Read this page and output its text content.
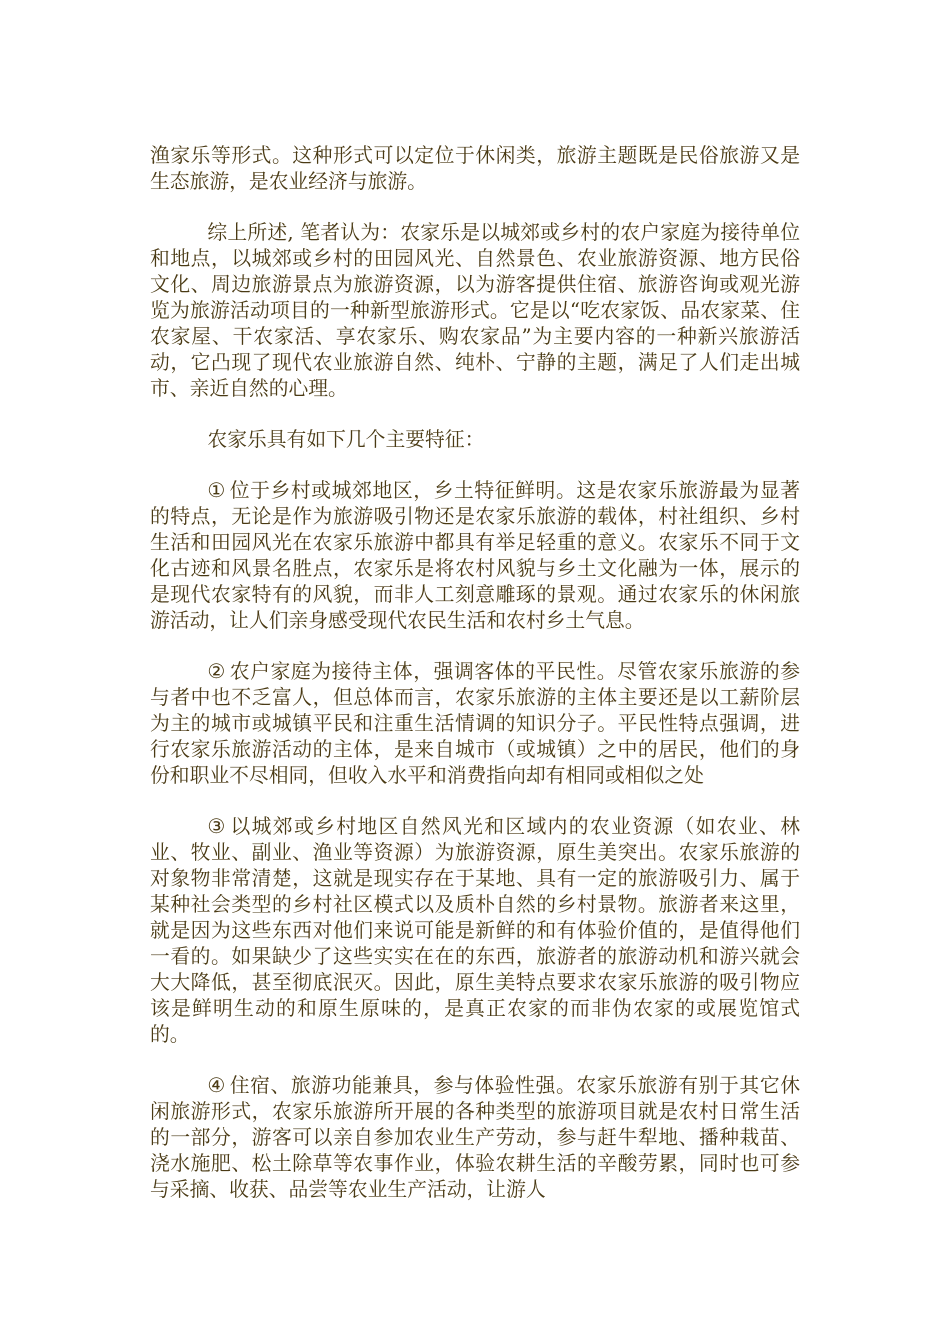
渔家乐等形式。这种形式可以定位于休闲类，旅游主题既是民俗旅游又是生态旅游，是农业经济与旅游。

综上所述, 笔者认为：农家乐是以城郊或乡村的农户家庭为接待单位和地点，以城郊或乡村的田园风光、自然景色、农业旅游资源、地方民俗文化、周边旅游景点为旅游资源，以为游客提供住宿、旅游咨询或观光游览为旅游活动项目的一种新型旅游形式。它是以“吃农家饭、品农家菜、住农家屋、干农家活、享农家乐、购农家品”为主要内容的一种新兴旅游活动，它凸现了现代农业旅游自然、纯朴、宁静的主题，满足了人们走出城市、亲近自然的心理。

农家乐具有如下几个主要特征：

① 位于乡村或城郊地区，乡土特征鲜明。这是农家乐旅游最为显著的特点，无论是作为旅游吸引物还是农家乐旅游的载体，村社组织、乡村生活和田园风光在农家乐旅游中都具有举足轻重的意义。农家乐不同于文化古迹和风景名胜点，农家乐是将农村风貌与乡土文化融为一体，展示的是现代农家特有的风貌，而非人工刻意雕琢的景观。通过农家乐的休闲旅游活动，让人们亲身感受现代农民生活和农村乡土气息。

② 农户家庭为接待主体，强调客体的平民性。尽管农家乐旅游的参与者中也不乏富人，但总体而言，农家乐旅游的主体主要还是以工薪阶层为主的城市或城镇平民和注重生活情调的知识分子。平民性特点强调，进行农家乐旅游活动的主体，是来自城市（或城镇）之中的居民，他们的身份和职业不尽相同，但收入水平和消费指向却有相同或相似之处

③ 以城郊或乡村地区自然风光和区域内的农业资源（如农业、林业、牧业、副业、渔业等资源）为旅游资源，原生美突出。农家乐旅游的对象物非常清楚，这就是现实存在于某地、具有一定的旅游吸引力、属于某种社会类型的乡村社区模式以及质朴自然的乡村景物。旅游者来这里，就是因为这些东西对他们来说可能是新鲜的和有体验价值的，是值得他们一看的。如果缺少了这些实实在在的东西，旅游者的旅游动机和游兴就会大大降低，甚至彻底泯灭。因此，原生美特点要求农家乐旅游的吸引物应该是鲜明生动的和原生原味的，是真正农家的而非伪农家的或展览馆式的。

④ 住宿、旅游功能兼具，参与体验性强。农家乐旅游有别于其它休闲旅游形式，农家乐旅游所开展的各种类型的旅游项目就是农村日常生活的一部分，游客可以亲自参加农业生产劳动，参与赶牛犁地、播种栽苗、浇水施肥、松土除草等农事作业，体验农耕生活的辛酸劳累，同时也可参与采摘、收获、品尝等农业生产活动，让游人
